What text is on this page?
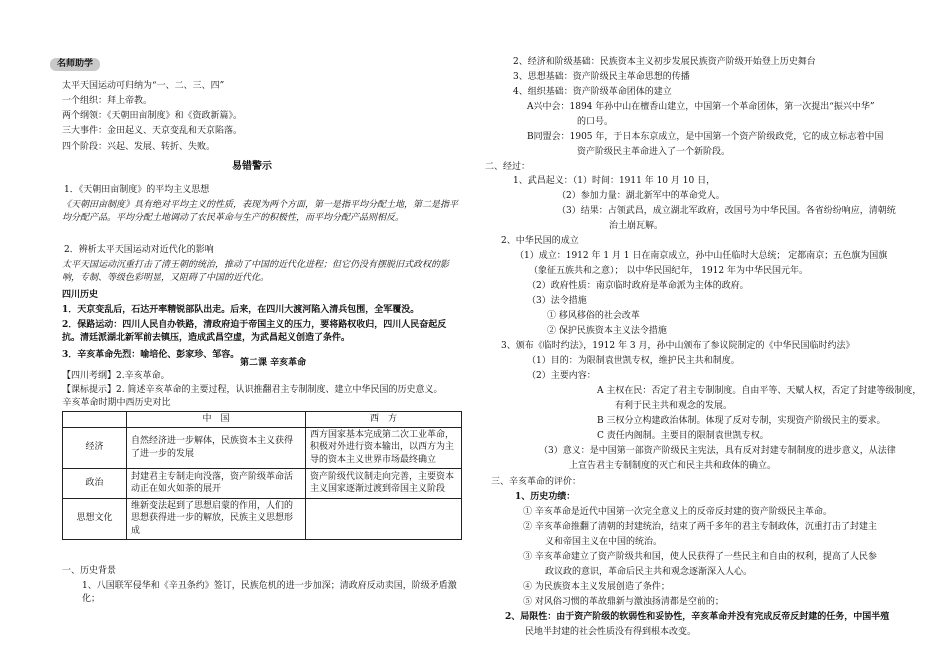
名师助学
太平天国运动可归纳为“一、二、三、四”
一个组织：拜上帝教。
两个纲领：《天朝田亩制度》和《资政新篇》。
三大事件：金田起义、天京变乱和天京陷落。
四个阶段：兴起、发展、转折、失败。
易错警示
1．《天朝田亩制度》的平均主义思想
《天朝田亩制度》具有绝对平均主义的性质，表现为两个方面，第一是指平均分配土地，第二是指平均分配产品。平均分配土地调动了农民革命与生产的积极性，而平均分配产品则相反。
2．辨析太平天国运动对近代化的影响
太平天国运动沉重打击了清王朝的统治，推动了中国的近代化进程；但它仍没有摆脱旧式政权的影响，专制、等级色彩明显，又阻碍了中国的近代化。
四川历史
1．天京变乱后，石达开率精锐部队出走。后来，在四川大渡河陷入清兵包围，全军覆没。
2．保路运动：四川人民自办铁路，清政府迫于帝国主义的压力，要将路权收归，四川人民奋起反抗。清廷派湖北新军前去镇压，造成武昌空虚，为武昌起义创造了条件。
3．辛亥革命先烈：喻培伦、彭家珍、邹容。
第二课 辛亥革命
【四川考纲】2.辛亥革命。
【课标提示】2. 简述辛亥革命的主要过程，认识推翻君主专制制度、建立中华民国的历史意义。
辛亥革命时期中西历史对比
	中　国	西　方
经济	自然经济进一步解体，民族资本主义获得了进一步的发展	西方国家基本完成第二次工业革命，积极对外进行资本输出，以西方为主导的资本主义世界市场最终确立
政治	封建君主专制走向没落，资产阶级革命活动正在如火如荼的展开	资产阶级代议制走向完善，主要资本主义国家逐渐过渡到帝国主义阶段
思想文化	维新变法起到了思想启蒙的作用，人们的思想获得进一步的解放，民族主义思想形成	
一、历史背景
1、八国联军侵华和《辛丑条约》签订，民族危机的进一步加深；清政府反动卖国，阶级矛盾激化；
2、经济和阶级基础：民族资本主义初步发展民族资产阶级开始登上历史舞台
3、思想基础：资产阶级民主革命思想的传播
4、组织基础：资产阶级革命团体的建立
A兴中会：1894 年孙中山在檀香山建立，中国第一个革命团体，第一次提出“振兴中华”
的口号。
B同盟会：1905 年，于日本东京成立，是中国第一个资产阶级政党，它的成立标志着中国
资产阶级民主革命进入了一个新阶段。
二、经过：
1、武昌起义：（1）时间：1911 年 10 月 10 日，
（2）参加力量：湖北新军中的革命党人。
（3）结果：占领武昌，成立湖北军政府，改国号为中华民国。各省纷纷响应，清朝统
治土崩瓦解。
2、中华民国的成立
（1）成立：1912 年 1 月 1 日在南京成立，孙中山任临时大总统； 定都南京；五色旗为国旗
（象征五族共和之意）； 以中华民国纪年， 1912 年为中华民国元年。
（2）政府性质：南京临时政府是革命派为主体的政府。
（3）法令措施
① 移风移俗的社会改革
② 保护民族资本主义法令措施
3、颁布《临时约法》，1912 年 3 月，孙中山颁布了参议院制定的《中华民国临时约法》
（1）目的：为限制袁世凯专权，维护民主共和制度。
（2）主要内容：
A 主权在民：否定了君主专制制度。自由平等、天赋人权，否定了封建等级制度，
有利于民主共和观念的发展。
B 三权分立构建政治体制。体现了反对专制，实现资产阶级民主的要求。
C 责任内阁制。主要目的限制袁世凯专权。
（3）意义：是中国第一部资产阶级民主宪法，具有反对封建专制制度的进步意义，从法律
上宣告君主专制制度的灭亡和民主共和政体的确立。
三、辛亥革命的评价：
1、历史功绩：
① 辛亥革命是近代中国第一次完全意义上的反帝反封建的资产阶级民主革命。
② 辛亥革命推翻了清朝的封建统治，结束了两千多年的君主专制政体，沉重打击了封建主
义和帝国主义在中国的统治。
③ 辛亥革命建立了资产阶级共和国，使人民获得了一些民主和自由的权利，提高了人民参
政议政的意识，革命后民主共和观念逐渐深入人心。
④ 为民族资本主义发展创造了条件；
⑤ 对风俗习惯的革故鼎新与激浊扬清都是空前的；
2、局限性：由于资产阶级的软弱性和妥协性，辛亥革命并没有完成反帝反封建的任务，中国半殖
民地半封建的社会性质没有得到根本改变。
